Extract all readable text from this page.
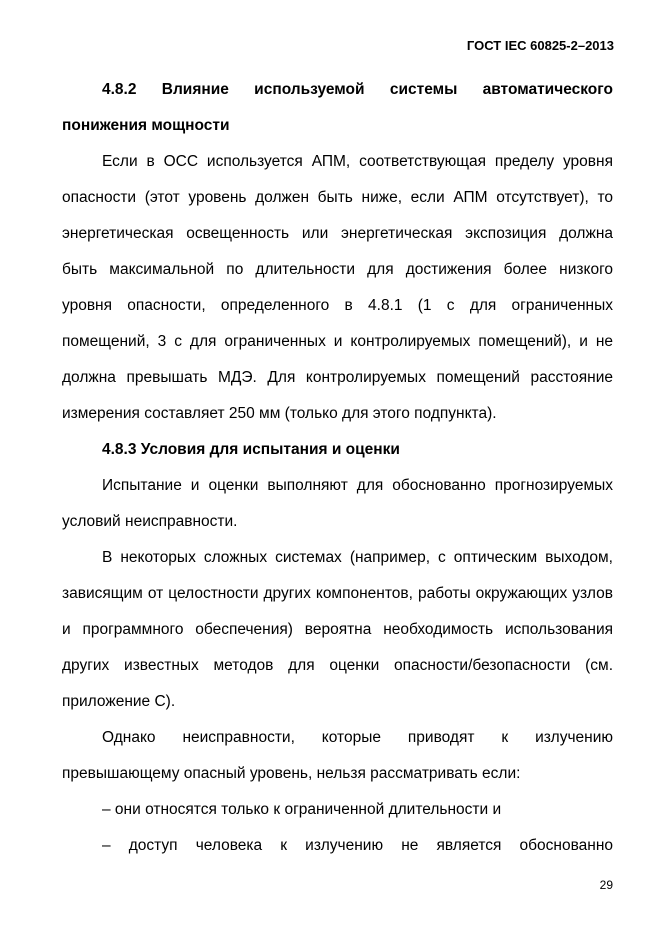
ГОСТ IEC 60825-2–2013
4.8.2 Влияние используемой системы автоматического
понижения мощности
Если в ОСС используется АПМ, соответствующая пределу уровня
опасности (этот уровень должен быть ниже, если АПМ отсутствует), то
энергетическая освещенность или энергетическая экспозиция должна
быть максимальной по длительности для достижения более низкого
уровня опасности, определенного в 4.8.1 (1 с для ограниченных
помещений, 3 с для ограниченных и контролируемых помещений), и не
должна превышать МДЭ. Для контролируемых помещений расстояние
измерения составляет 250 мм (только для этого подпункта).
4.8.3 Условия для испытания и оценки
Испытание и оценки выполняют для обоснованно прогнозируемых
условий неисправности.
В некоторых сложных системах (например, с оптическим выходом,
зависящим от целостности других компонентов, работы окружающих узлов
и программного обеспечения) вероятна необходимость использования
других известных методов для оценки опасности/безопасности (см.
приложение С).
Однако неисправности, которые приводят к излучению
превышающему опасный уровень, нельзя рассматривать если:
– они относятся только к ограниченной длительности и
– доступ человека к излучению не является обоснованно
29
